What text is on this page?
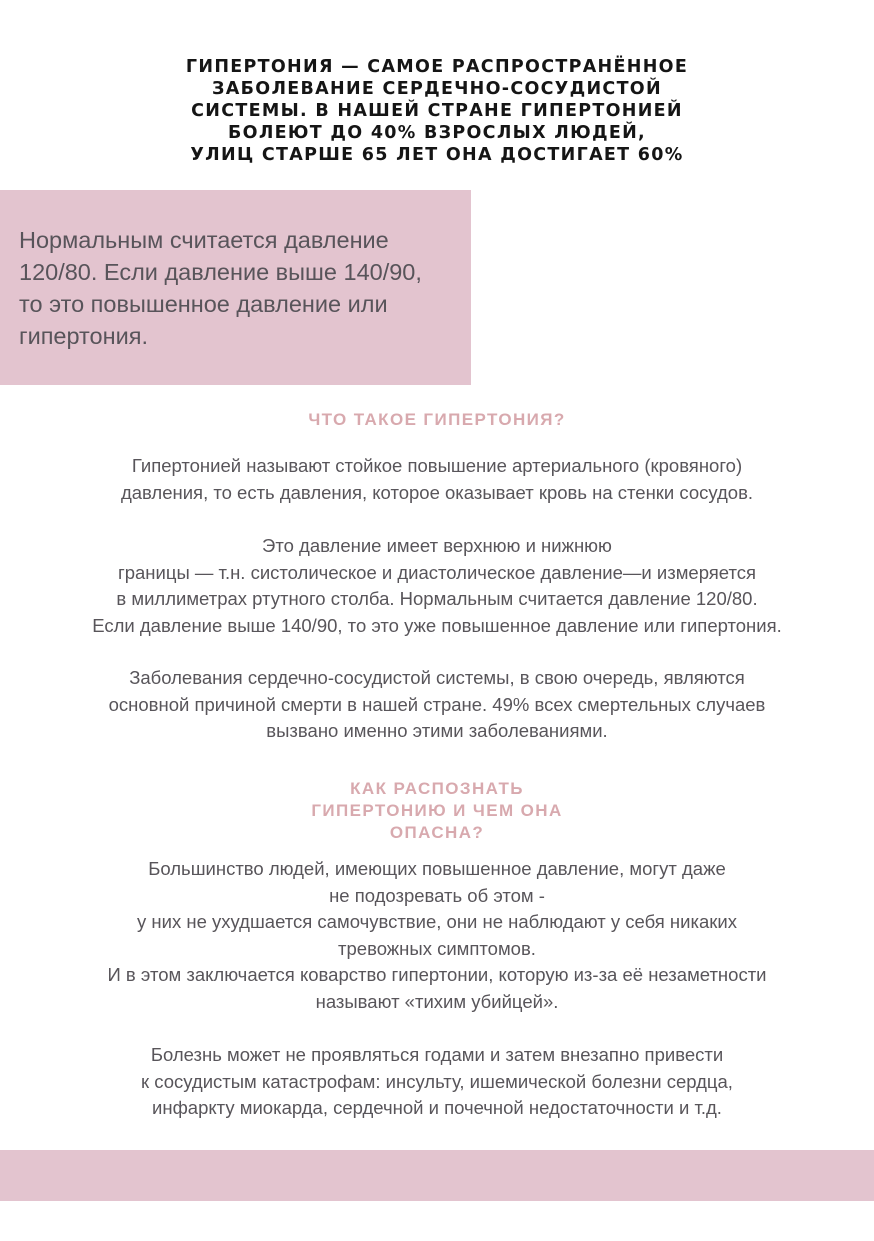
ГИПЕРТОНИЯ — САМОЕ РАСПРОСТРАНЁННОЕ
ЗАБОЛЕВАНИЕ СЕРДЕЧНО-СОСУДИСТОЙ
СИСТЕМЫ. В НАШЕЙ СТРАНЕ ГИПЕРТОНИЕЙ
БОЛЕЮТ ДО 40% ВЗРОСЛЫХ ЛЮДЕЙ,
УЛИЦ СТАРШЕ 65 ЛЕТ ОНА ДОСТИГАЕТ 60%
Нормальным считается давление
120/80. Если давление выше 140/90,
то это повышенное давление или
гипертония.
ЧТО ТАКОЕ ГИПЕРТОНИЯ?
Гипертонией называют стойкое повышение артериального (кровяного)
давления, то есть давления, которое оказывает кровь на стенки сосудов.
Это давление имеет верхнюю и нижнюю
границы — т.н. систолическое и диастолическое давление—и измеряется
в миллиметрах ртутного столба. Нормальным считается давление 120/80.
Если давление выше 140/90, то это уже повышенное давление или гипертония.
Заболевания сердечно-сосудистой системы, в свою очередь, являются
основной причиной смерти в нашей стране. 49% всех смертельных случаев
вызвано именно этими заболеваниями.
КАК РАСПОЗНАТЬ
ГИПЕРТОНИЮ И ЧЕМ ОНА
ОПАСНА?
Большинство людей, имеющих повышенное давление, могут даже
не подозревать об этом -
у них не ухудшается самочувствие, они не наблюдают у себя никаких
тревожных симптомов.
И в этом заключается коварство гипертонии, которую из-за её незаметности
называют «тихим убийцей».
Болезнь может не проявляться годами и затем внезапно привести
к сосудистым катастрофам: инсульту, ишемической болезни сердца,
инфаркту миокарда, сердечной и почечной недостаточности и т.д.
